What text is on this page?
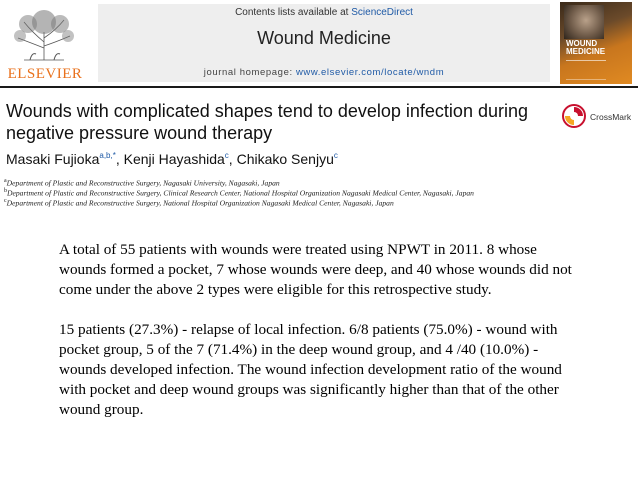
ELSEVIER
Contents lists available at ScienceDirect
Wound Medicine
journal homepage: www.elsevier.com/locate/wndm
WOUND MEDICINE
Wounds with complicated shapes tend to develop infection during negative pressure wound therapy
CrossMark
Masaki Fujioka$^{a,b,*}$, Kenji Hayashida$^c$, Chikako Senjyu$^c$
$^a$Department of Plastic and Reconstructive Surgery, Nagasaki University, Nagasaki, Japan
$^b$Department of Plastic and Reconstructive Surgery, Clinical Research Center, National Hospital Organization Nagasaki Medical Center, Nagasaki, Japan
$^c$Department of Plastic and Reconstructive Surgery, National Hospital Organization Nagasaki Medical Center, Nagasaki, Japan
A total of 55 patients with wounds were treated using NPWT in 2011. 8 whose wounds formed a pocket, 7 whose wounds were deep, and 40 whose wounds did not come under the above 2 types were eligible for this retrospective study.
15 patients (27.3%) - relapse of local infection. 6/8 patients (75.0%) - wound with pocket group, 5 of the 7 (71.4%) in the deep wound group, and 4 /40 (10.0%) - wounds developed infection. The wound infection development ratio of the wound with pocket and deep wound groups was significantly higher than that of the other wound group.
